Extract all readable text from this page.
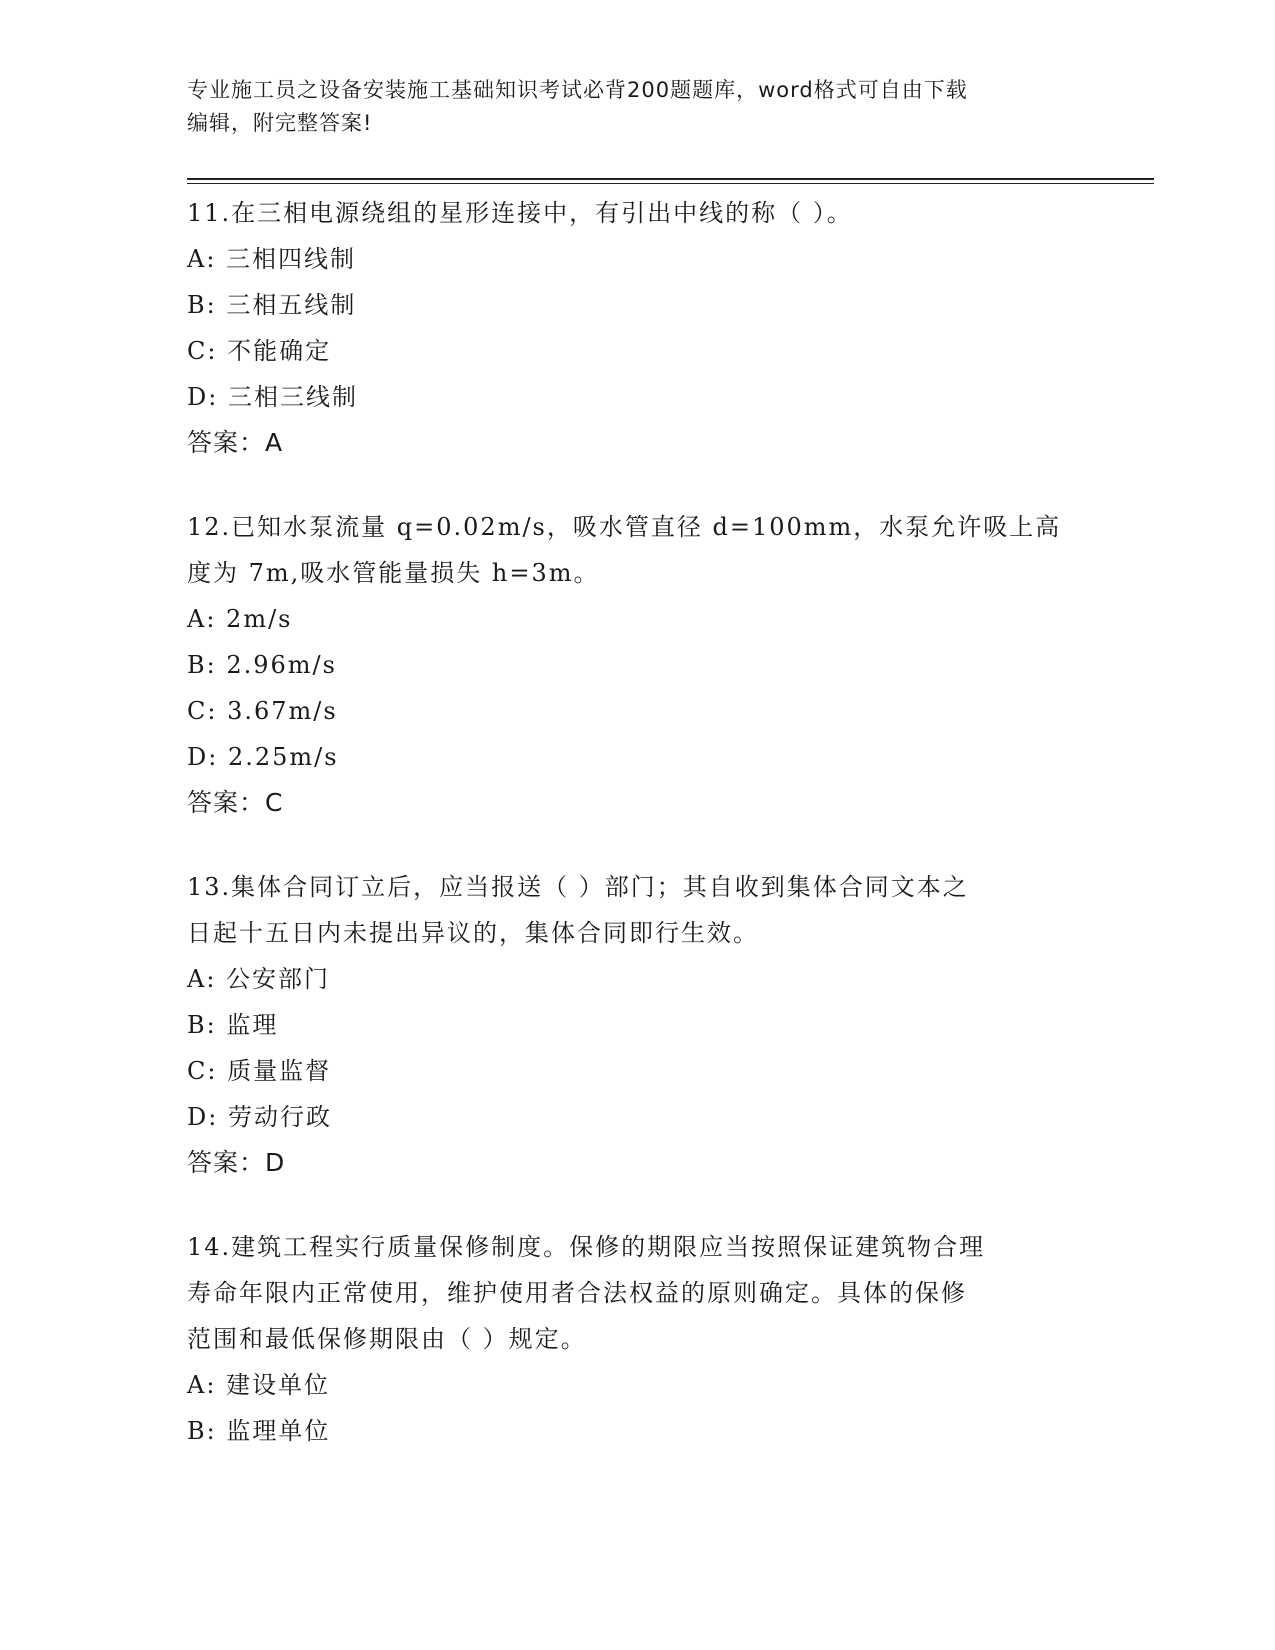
专业施工员之设备安装施工基础知识考试必背200题题库，word格式可自由下载
编辑，附完整答案!
11.在三相电源绕组的星形连接中，有引出中线的称（ ）。
A: 三相四线制
B: 三相五线制
C: 不能确定
D: 三相三线制
答案：A
12.已知水泵流量 q=0.02m/s，吸水管直径 d=100mm，水泵允许吸上高
度为 7m,吸水管能量损失 h=3m。
A: 2m/s
B: 2.96m/s
C: 3.67m/s
D: 2.25m/s
答案：C
13.集体合同订立后，应当报送（ ）部门；其自收到集体合同文本之
日起十五日内未提出异议的，集体合同即行生效。
A: 公安部门
B: 监理
C: 质量监督
D: 劳动行政
答案：D
14.建筑工程实行质量保修制度。保修的期限应当按照保证建筑物合理
寿命年限内正常使用，维护使用者合法权益的原则确定。具体的保修
范围和最低保修期限由（ ）规定。
A: 建设单位
B: 监理单位
